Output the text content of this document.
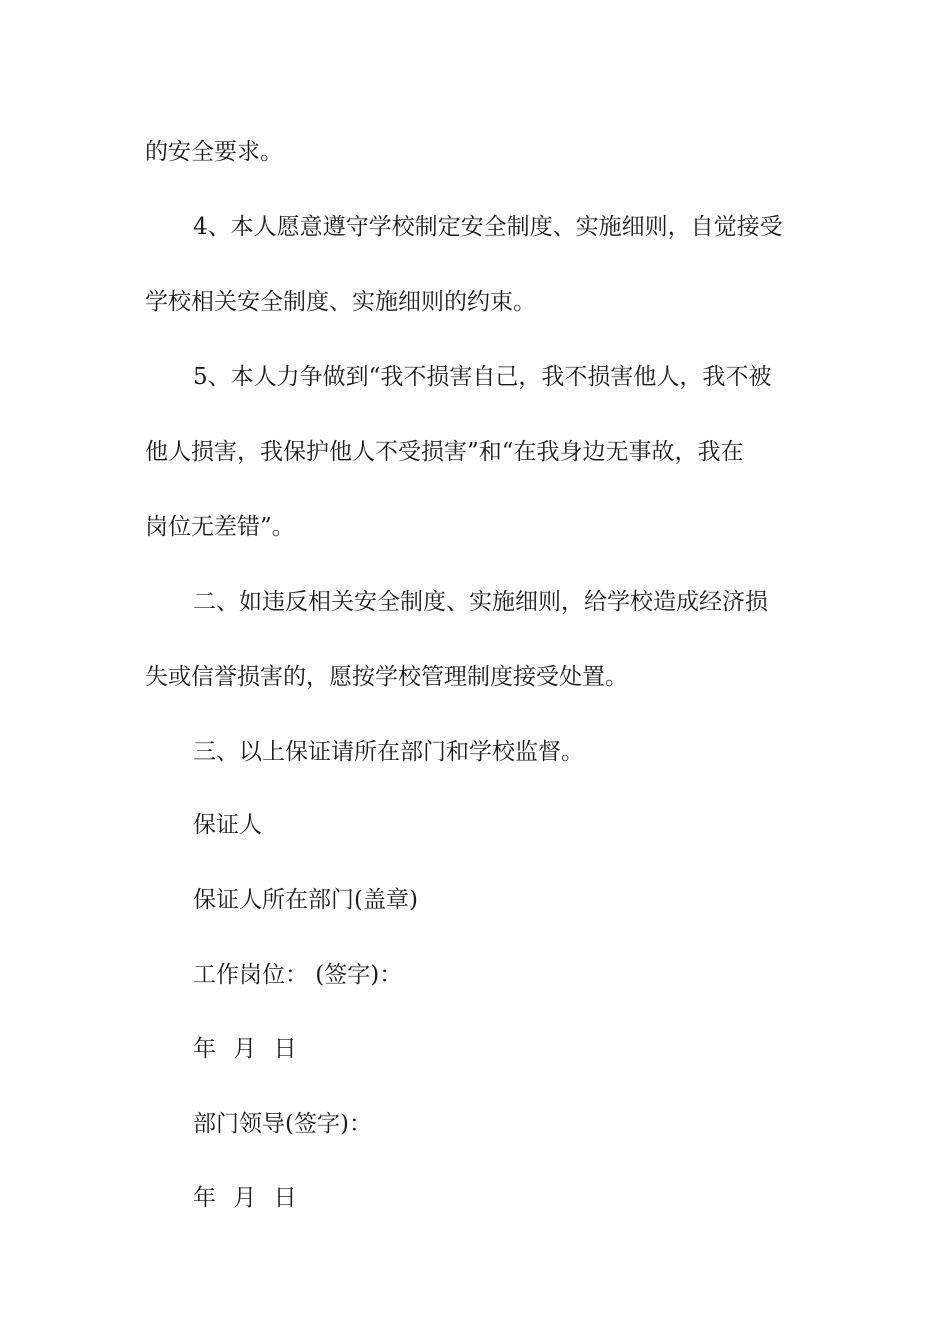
的安全要求。

4、本人愿意遵守学校制定安全制度、实施细则，自觉接受

学校相关安全制度、实施细则的约束。

5、本人力争做到“我不损害自己，我不损害他人，我不被

他人损害，我保护他人不受损害”和“在我身边无事故，我在

岗位无差错”。

二、如违反相关安全制度、实施细则，给学校造成经济损

失或信誉损害的，愿按学校管理制度接受处置。

三、以上保证请所在部门和学校监督。

保证人

保证人所在部门(盖章)

工作岗位： (签字)：

年 月 日

部门领导(签字)：

年 月 日
